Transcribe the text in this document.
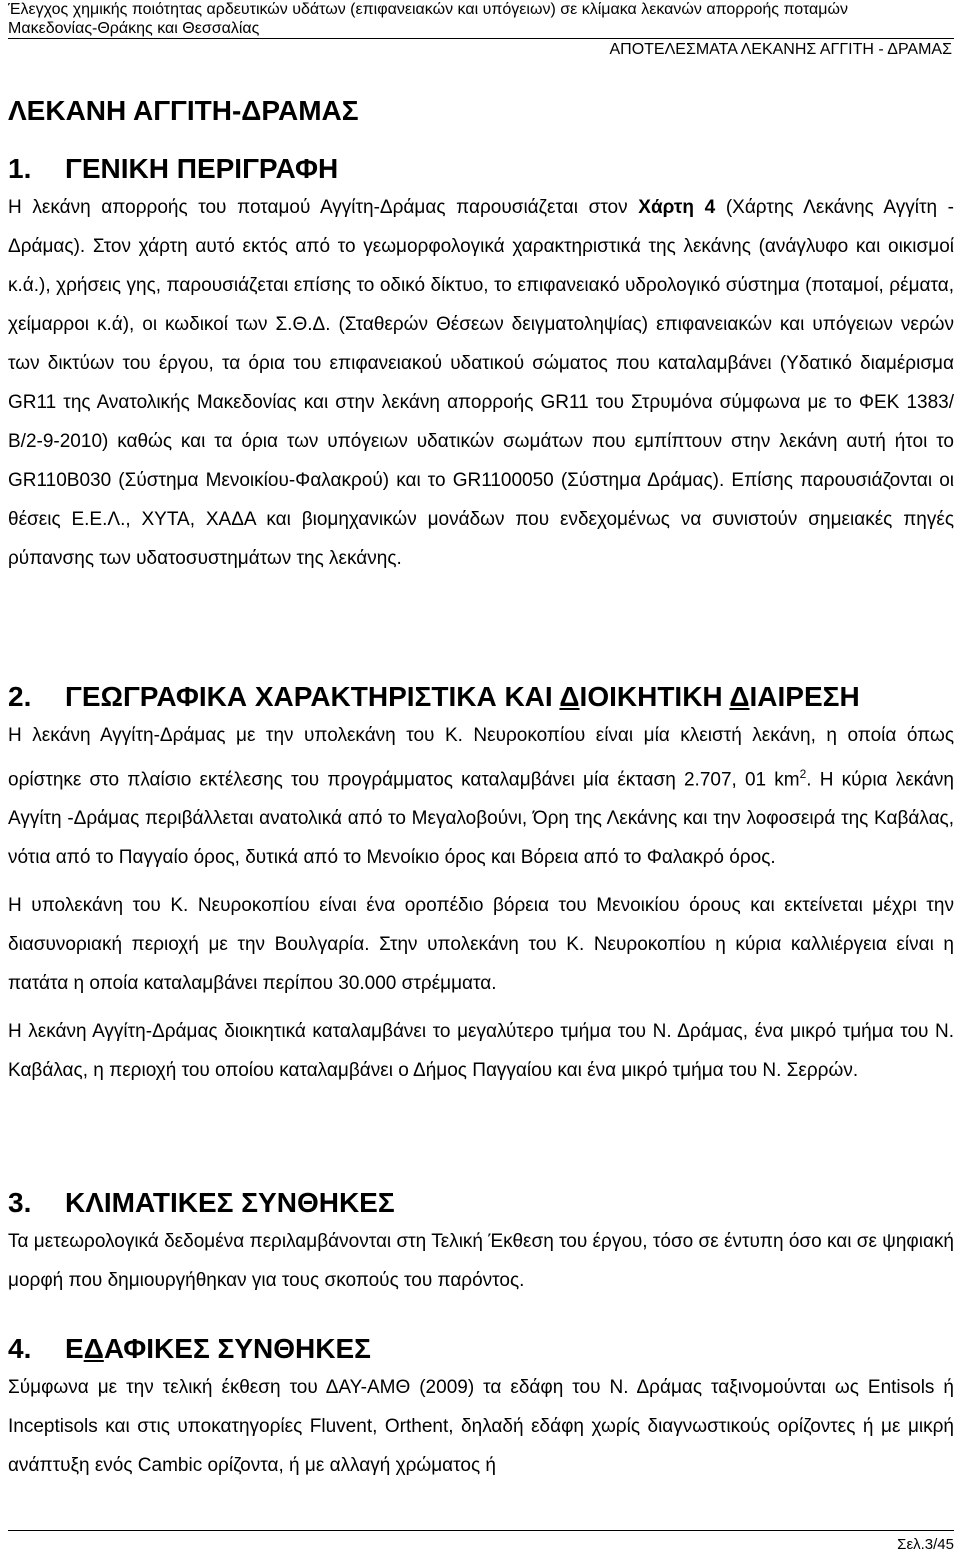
Έλεγχος χημικής ποιότητας αρδευτικών υδάτων (επιφανειακών και υπόγειων) σε κλίμακα λεκανών απορροής ποταμών
Μακεδονίας-Θράκης και Θεσσαλίας
ΑΠΟΤΕΛΕΣΜΑΤΑ ΛΕΚΑΝΗΣ ΑΓΓΙΤΗ - ΔΡΑΜΑΣ
ΛΕΚΑΝΗ ΑΓΓΙΤΗ-ΔΡΑΜΑΣ
1. ΓΕΝΙΚΗ ΠΕΡΙΓΡΑΦΗ

Η λεκάνη απορροής του ποταμού Αγγίτη-Δράμας παρουσιάζεται στον Χάρτη 4 (Χάρτης Λεκάνης Αγγίτη - Δράμας). Στον χάρτη αυτό εκτός από το γεωμορφολογικά χαρακτηριστικά της λεκάνης (ανάγλυφο και οικισμοί κ.ά.), χρήσεις γης, παρουσιάζεται επίσης το οδικό δίκτυο, το επιφανειακό υδρολογικό σύστημα (ποταμοί, ρέματα, χείμαρροι κ.ά), οι κωδικοί των Σ.Θ.Δ. (Σταθερών Θέσεων δειγματοληψίας) επιφανειακών και υπόγειων νερών των δικτύων του έργου, τα όρια του επιφανειακού υδατικού σώματος που καταλαμβάνει (Υδατικό διαμέρισμα GR11 της Ανατολικής Μακεδονίας και στην λεκάνη απορροής GR11 του Στρυμόνα σύμφωνα με το ΦΕΚ 1383/Β/2-9-2010) καθώς και τα όρια των υπόγειων υδατικών σωμάτων που εμπίπτουν στην λεκάνη αυτή ήτοι το GR110B030 (Σύστημα Μενοικίου-Φαλακρού) και το GR1100050 (Σύστημα Δράμας). Επίσης παρουσιάζονται οι θέσεις Ε.Ε.Λ., ΧΥΤΑ, ΧΑΔΑ και βιομηχανικών μονάδων που ενδεχομένως να συνιστούν σημειακές πηγές ρύπανσης των υδατοσυστημάτων της λεκάνης.

2. ΓΕΩΓΡΑΦΙΚΑ ΧΑΡΑΚΤΗΡΙΣΤΙΚΑ ΚΑΙ ΔΙΟΙΚΗΤΙΚΗ ΔΙΑΙΡΕΣΗ

Η λεκάνη Αγγίτη-Δράμας με την υπολεκάνη του Κ. Νευροκοπίου είναι μία κλειστή λεκάνη, η οποία όπως ορίστηκε στο πλαίσιο εκτέλεσης του προγράμματος καταλαμβάνει μία έκταση 2.707, 01 $km^2$. Η κύρια λεκάνη Αγγίτη -Δράμας περιβάλλεται ανατολικά από το Μεγαλοβούνι, Όρη της Λεκάνης και την λοφοσειρά της Καβάλας, νότια από το Παγγαίο όρος, δυτικά από το Μενοίκιο όρος και Βόρεια από το Φαλακρό όρος.

Η υπολεκάνη του Κ. Νευροκοπίου είναι ένα οροπέδιο βόρεια του Μενοικίου όρους και εκτείνεται μέχρι την διασυνοριακή περιοχή με την Βουλγαρία. Στην υπολεκάνη του Κ. Νευροκοπίου η κύρια καλλιέργεια είναι η πατάτα η οποία καταλαμβάνει περίπου 30.000 στρέμματα.

Η λεκάνη Αγγίτη-Δράμας διοικητικά καταλαμβάνει το μεγαλύτερο τμήμα του Ν. Δράμας, ένα μικρό τμήμα του Ν. Καβάλας, η περιοχή του οποίου καταλαμβάνει ο Δήμος Παγγαίου και ένα μικρό τμήμα του Ν. Σερρών.

3. ΚΛΙΜΑΤΙΚΕΣ ΣΥΝΘΗΚΕΣ

Τα μετεωρολογικά δεδομένα περιλαμβάνονται στη Τελική Έκθεση του έργου, τόσο σε έντυπη όσο και σε ψηφιακή μορφή που δημιουργήθηκαν για τους σκοπούς του παρόντος.

4. ΕΔΑΦΙΚΕΣ ΣΥΝΘΗΚΕΣ

Σύμφωνα με την τελική έκθεση του ΔΑΥ-ΑΜΘ (2009) τα εδάφη του Ν. Δράμας ταξινομούνται ως Entisols ή Inceptisols και στις υποκατηγορίες Fluvent, Orthent, δηλαδή εδάφη χωρίς διαγνωστικούς ορίζοντες ή με μικρή ανάπτυξη ενός Cambic ορίζοντα, ή με αλλαγή χρώματος ή

Σελ.3/45
